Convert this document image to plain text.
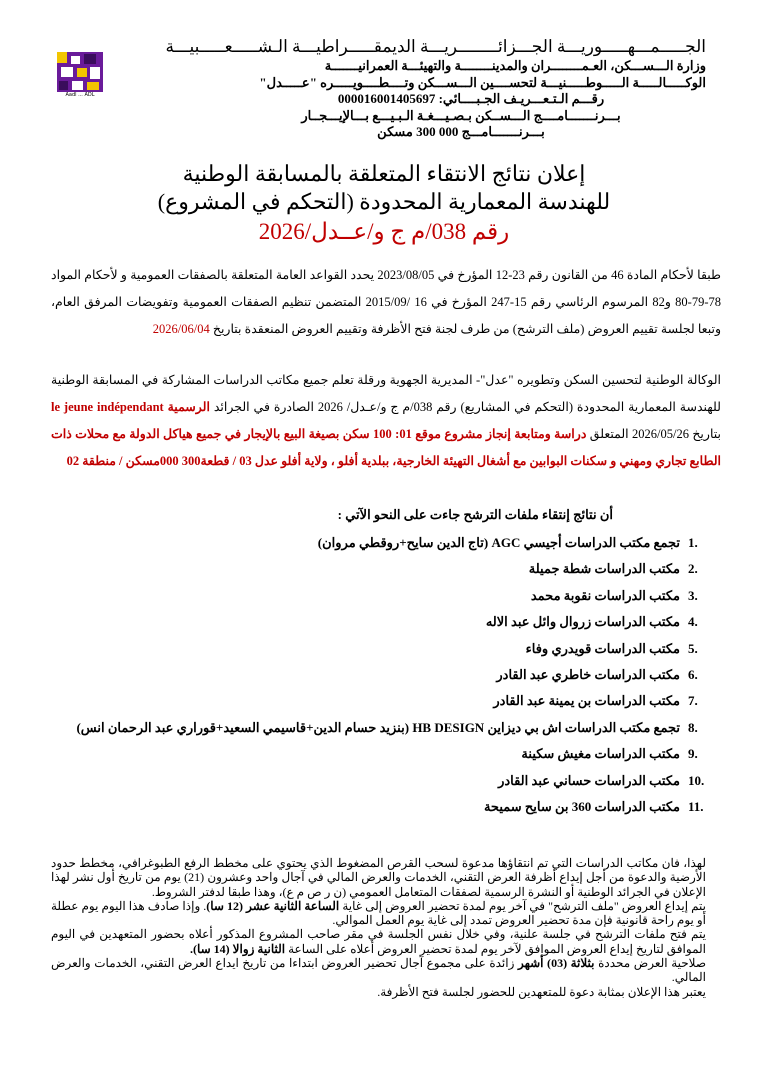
Aadl ... ADL

الجـــــمـــهـــــوريـــة الجـــزائــــــــريـــة الديمقـــــراطيـــة الـشـــــعـــــبيـــة

وزارة الـــســـكن، العـمــــــــران والمدينــــــــة والتهيئـــة العمرانيـــــــة

الوكـــــالـــــة الـــــوطـــــنيـــة لتحســــين الـــســـكن وتــــطــــويـــــره "عـــــدل"

رقـــم الـتـعـــريـف الجـبــــائي: 000016001405697

بـــرنـــــــامــــج الـــســكن بـصـيـــغـة الـبـيـــع بـــالإيـــجــار

بـــرنـــــــامـــج 000 300 مسكن

إعلان نتائج الانتقاء المتعلقة بالمسابقة الوطنية

للهندسة المعمارية المحدودة (التحكم في المشروع)

رقم 038/م ج و/عــدل/2026

طبقا لأحكام المادة 46 من القانون رقم 23-12 المؤرخ في 2023/08/05 يحدد القواعد العامة المتعلقة بالصفقات العمومية و لأحكام المواد 78-79-80 و82 المرسوم الرئاسي رقم 15-247 المؤرخ في 16 /2015/09 المتضمن تنظيم الصفقات العمومية وتفويضات المرفق العام، وتبعا لجلسة تقييم العروض (ملف الترشح) من طرف لجنة فتح الأظرفة وتقييم العروض المنعقدة بتاريخ 2026/06/04

الوكالة الوطنية لتحسين السكن وتطويره "عدل"- المديرية الجهوية ورقلة تعلم جميع مكاتب الدراسات المشاركة في المسابقة الوطنية للهندسة المعمارية المحدودة (التحكم في المشاريع) رقم 038/م ج و/عـدل/ 2026 الصادرة في الجرائد الرسمية le jeune indépendant بتاريخ 2026/05/26 المتعلق دراسة ومتابعة إنجاز مشروع موقع 01: 100 سكن بصيغة البيع بالإيجار في جميع هياكل الدولة مع محلات ذات الطابع تجاري ومهني و سكنات البوابين مع أشغال التهيئة الخارجية، ببلدية أفلو ، ولاية أفلو عدل 03 / قطعة300 000مسكن / منطقة 02

أن نتائج إنتقاء ملفات الترشح جاءت على النحو الآتي :

1.
تجمع مكتب الدراسات أجيسي AGC (تاج الدين سايح+روقطي مروان)
2.
مكتب الدراسات شطة جميلة
3.
مكتب الدراسات نقوبة محمد
4.
مكتب الدراسات زروال وائل عبد الاله
5.
مكتب الدراسات قويدري وفاء
6.
مكتب الدراسات خاطري عبد القادر
7.
مكتب الدراسات بن يمينة عبد القادر
8.
تجمع مكتب الدراسات اش بي ديزاين HB DESIGN (بنزيد حسام الدين+قاسيمي السعيد+قوراري عبد الرحمان انس)
9.
مكتب الدراسات مغيش سكينة
10.
مكتب الدراسات حساني عبد القادر
11.
مكتب الدراسات 360 بن سايح سميحة

لهذا، فان مكاتب الدراسات التي تم انتقاؤها مدعوة لسحب القرص المضغوط الذي يحتوي على مخطط الرفع الطبوغرافي، مخطط حدود الأرضية والدعوة من أجل إيداع أظرفة العرض التقني، الخدمات والعرض المالي في آجال واحد وعشرون (21) يوم من تاريخ أول نشر لهذا الإعلان في الجرائد الوطنية أو النشرة الرسمية لصفقات المتعامل العمومي (ن ر ص م ع)، وهذا طبقا لدفتر الشروط.

يتم إيداع العروض "ملف الترشح" في آخر يوم لمدة تحضير العروض إلى غاية الساعة الثانية عشر (12 سا). وإذا صادف هذا اليوم يوم عطلة أو يوم راحة قانونية فإن مدة تحضير العروض تمدد إلى غاية يوم العمل الموالي.

يتم فتح ملفات الترشح في جلسة علنية، وفي خلال نفس الجلسة في مقر صاحب المشروع المذكور أعلاه بحضور المتعهدين في اليوم الموافق لتاريخ إيداع العروض الموافق لآخر يوم لمدة تحضير العروض أعلاه على الساعة الثانية زوالا (14 سا).

صلاحية العرض محددة بثلاثة (03) أشهر زائدة على مجموع آجال تحضير العروض ابتداءا من تاريخ ايداع العرض التقني، الخدمات والعرض المالي.

يعتبر هذا الإعلان بمثابة دعوة للمتعهدين للحضور لجلسة فتح الأظرفة.
